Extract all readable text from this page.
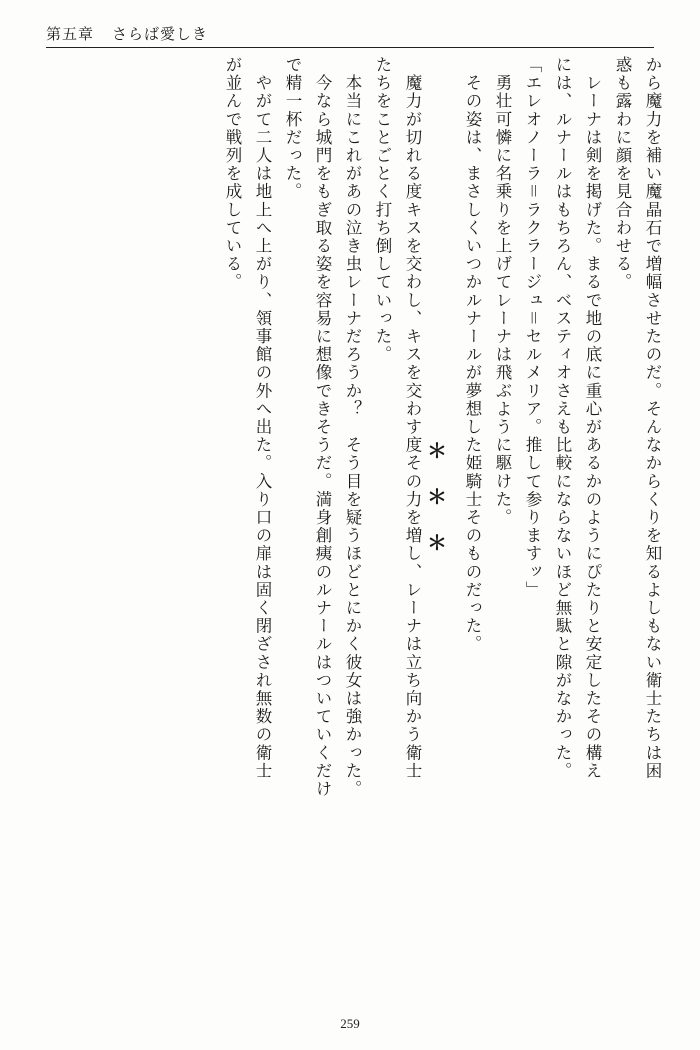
第五章 さらば愛しき
から魔力を補い魔晶石で増幅させたのだ。そんなからくりを知るよしもない衛士たちは困
惑も露わに顔を見合わせる。
　レーナは剣を掲げた。まるで地の底に重心があるかのようにぴたりと安定したその構え
には、ルナールはもちろん、ベスティオさえも比較にならないほど無駄と隙がなかった。
「エレオノーラ＝ラクラージュ＝セルメリア。推して参りますッ」
　勇壮可憐に名乗りを上げてレーナは飛ぶように駆けた。
　その姿は、まさしくいつかルナールが夢想した姫騎士そのものだった。
＊ ＊ ＊
　魔力が切れる度キスを交わし、キスを交わす度その力を増し、レーナは立ち向かう衛士
たちをことごとく打ち倒していった。
　本当にこれがあの泣き虫レーナだろうか？　そう目を疑うほどとにかく彼女は強かった。
　今なら城門をもぎ取る姿を容易に想像できそうだ。満身創痍のルナールはついていくだけ
で精一杯だった。
　やがて二人は地上へ上がり、領事館の外へ出た。入り口の扉は固く閉ざされ無数の衛士
が並んで戦列を成している。
259
